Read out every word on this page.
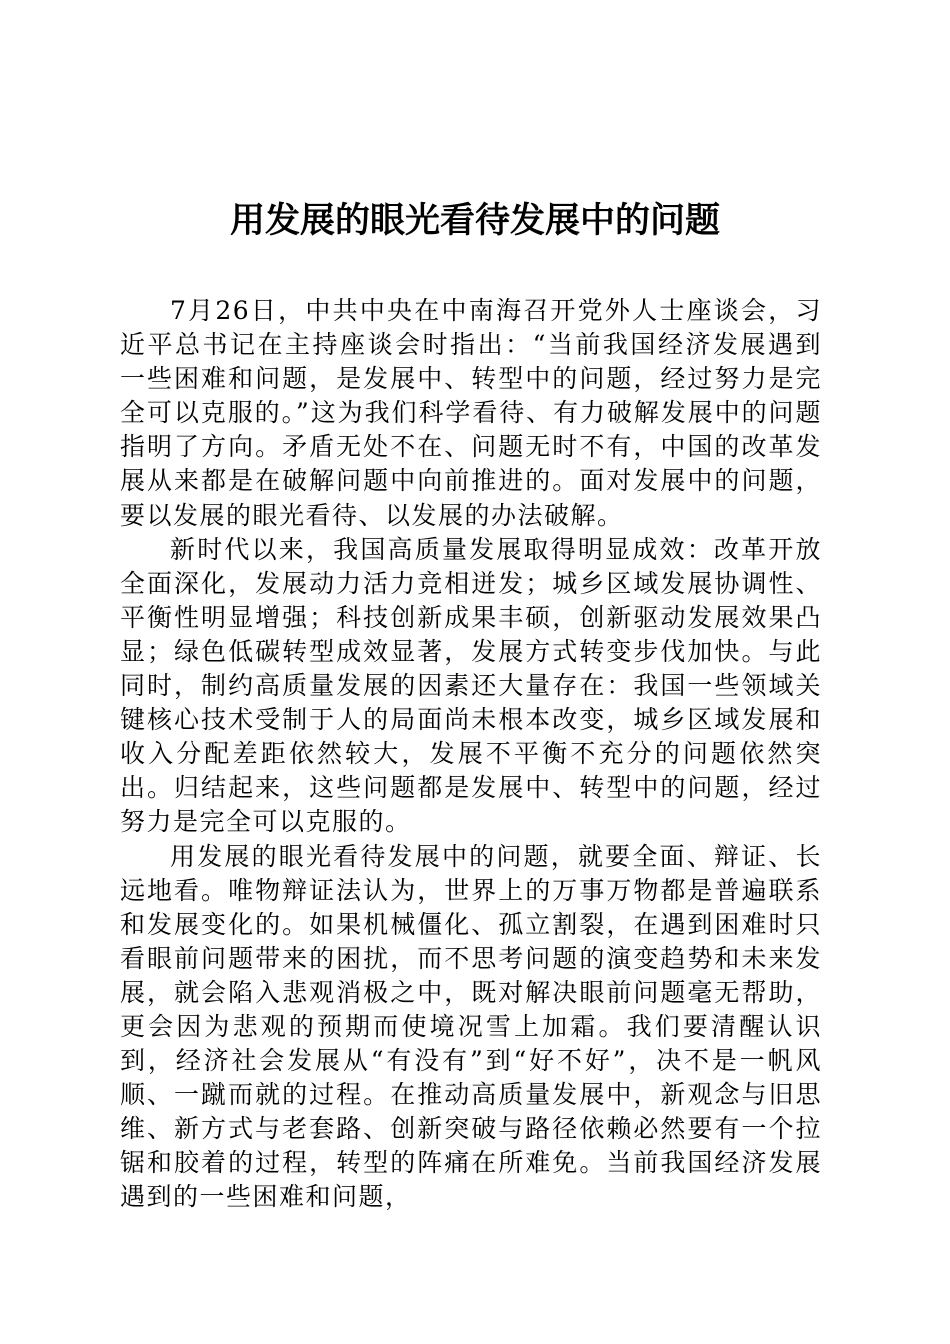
用发展的眼光看待发展中的问题

7月26日，中共中央在中南海召开党外人士座谈会，习近平总书记在主持座谈会时指出：“当前我国经济发展遇到一些困难和问题，是发展中、转型中的问题，经过努力是完全可以克服的。”这为我们科学看待、有力破解发展中的问题指明了方向。矛盾无处不在、问题无时不有，中国的改革发展从来都是在破解问题中向前推进的。面对发展中的问题，要以发展的眼光看待、以发展的办法破解。

新时代以来，我国高质量发展取得明显成效：改革开放全面深化，发展动力活力竞相迸发；城乡区域发展协调性、平衡性明显增强；科技创新成果丰硕，创新驱动发展效果凸显；绿色低碳转型成效显著，发展方式转变步伐加快。与此同时，制约高质量发展的因素还大量存在：我国一些领域关键核心技术受制于人的局面尚未根本改变，城乡区域发展和收入分配差距依然较大，发展不平衡不充分的问题依然突出。归结起来，这些问题都是发展中、转型中的问题，经过努力是完全可以克服的。

用发展的眼光看待发展中的问题，就要全面、辩证、长远地看。唯物辩证法认为，世界上的万事万物都是普遍联系和发展变化的。如果机械僵化、孤立割裂，在遇到困难时只看眼前问题带来的困扰，而不思考问题的演变趋势和未来发展，就会陷入悲观消极之中，既对解决眼前问题毫无帮助，更会因为悲观的预期而使境况雪上加霜。我们要清醒认识到，经济社会发展从“有没有”到“好不好”，决不是一帆风顺、一蹴而就的过程。在推动高质量发展中，新观念与旧思维、新方式与老套路、创新突破与路径依赖必然要有一个拉锯和胶着的过程，转型的阵痛在所难免。当前我国经济发展遇到的一些困难和问题，
